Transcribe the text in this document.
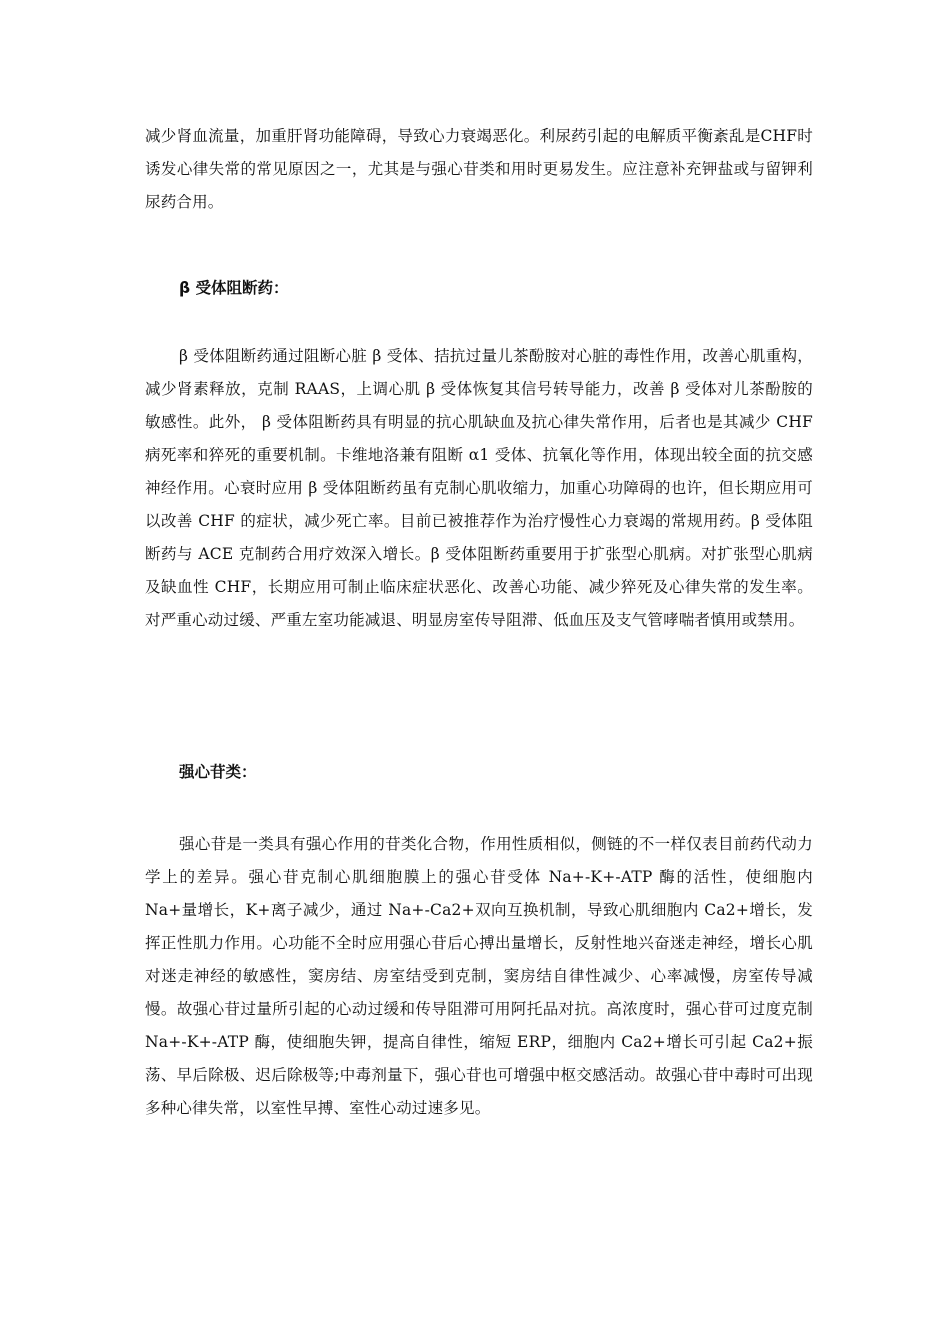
减少肾血流量，加重肝肾功能障碍，导致心力衰竭恶化。利尿药引起的电解质平衡紊乱是CHF时诱发心律失常的常见原因之一，尤其是与强心苷类和用时更易发生。应注意补充钾盐或与留钾利尿药合用。

β 受体阻断药：

β 受体阻断药通过阻断心脏 β 受体、拮抗过量儿茶酚胺对心脏的毒性作用，改善心肌重构，减少肾素释放，克制 RAAS，上调心肌 β 受体恢复其信号转导能力，改善 β 受体对儿茶酚胺的敏感性。此外， β 受体阻断药具有明显的抗心肌缺血及抗心律失常作用，后者也是其减少 CHF 病死率和猝死的重要机制。卡维地洛兼有阻断 α1 受体、抗氧化等作用，体现出较全面的抗交感神经作用。心衰时应用 β 受体阻断药虽有克制心肌收缩力，加重心功障碍的也许，但长期应用可以改善 CHF 的症状，减少死亡率。目前已被推荐作为治疗慢性心力衰竭的常规用药。β 受体阻断药与 ACE 克制药合用疗效深入增长。β 受体阻断药重要用于扩张型心肌病。对扩张型心肌病及缺血性 CHF，长期应用可制止临床症状恶化、改善心功能、减少猝死及心律失常的发生率。对严重心动过缓、严重左室功能减退、明显房室传导阻滞、低血压及支气管哮喘者慎用或禁用。

强心苷类：

强心苷是一类具有强心作用的苷类化合物，作用性质相似，侧链的不一样仅表目前药代动力学上的差异。强心苷克制心肌细胞膜上的强心苷受体 Na+-K+-ATP 酶的活性，使细胞内 Na+量增长，K+离子减少，通过 Na+-Ca2+双向互换机制，导致心肌细胞内 Ca2+增长，发挥正性肌力作用。心功能不全时应用强心苷后心搏出量增长，反射性地兴奋迷走神经，增长心肌对迷走神经的敏感性，窦房结、房室结受到克制，窦房结自律性减少、心率减慢，房室传导减慢。故强心苷过量所引起的心动过缓和传导阻滞可用阿托品对抗。高浓度时，强心苷可过度克制 Na+-K+-ATP 酶，使细胞失钾，提高自律性，缩短 ERP，细胞内 Ca2+增长可引起 Ca2+振荡、早后除极、迟后除极等;中毒剂量下，强心苷也可增强中枢交感活动。故强心苷中毒时可出现多种心律失常，以室性早搏、室性心动过速多见。
